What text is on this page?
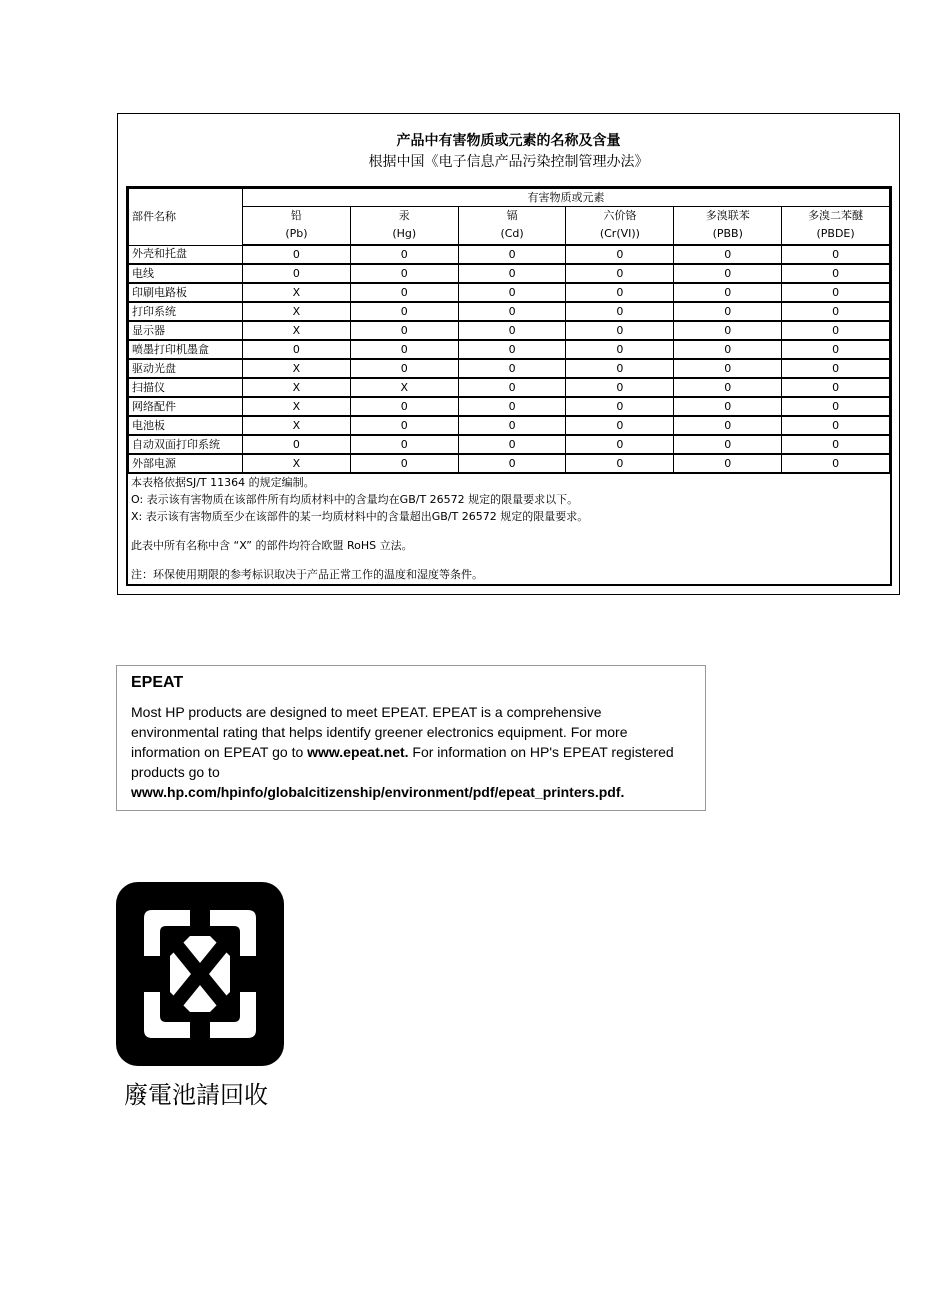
产品中有害物质或元素的名称及含量
根据中国《电子信息产品污染控制管理办法》
部件名称	有害物质或元素					
	铅	汞	镉	六价铬	多溴联苯	多溴二苯醚
	(Pb)	(Hg)	(Cd)	(Cr(VI))	(PBB)	(PBDE)
外壳和托盘	0	0	0	0	0	0
电线	0	0	0	0	0	0
印刷电路板	X	0	0	0	0	0
打印系统	X	0	0	0	0	0
显示器	X	0	0	0	0	0
喷墨打印机墨盒	0	0	0	0	0	0
驱动光盘	X	0	0	0	0	0
扫描仪	X	X	0	0	0	0
网络配件	X	0	0	0	0	0
电池板	X	0	0	0	0	0
自动双面打印系统	0	0	0	0	0	0
外部电源	X	0	0	0	0	0
本表格依据SJ/T 11364 的规定编制。
O: 表示该有害物质在该部件所有均质材料中的含量均在GB/T 26572 规定的限量要求以下。
X: 表示该有害物质至少在该部件的某一均质材料中的含量超出GB/T 26572 规定的限量要求。
此表中所有名称中含 “X” 的部件均符合欧盟 RoHS 立法。
注：环保使用期限的参考标识取决于产品正常工作的温度和湿度等条件。
EPEAT
Most HP products are designed to meet EPEAT. EPEAT is a comprehensive environmental rating that helps identify greener electronics equipment. For more information on EPEAT go to www.epeat.net. For information on HP's EPEAT registered products go to
www.hp.com/hpinfo/globalcitizenship/environment/pdf/epeat_printers.pdf.
廢電池請回收
